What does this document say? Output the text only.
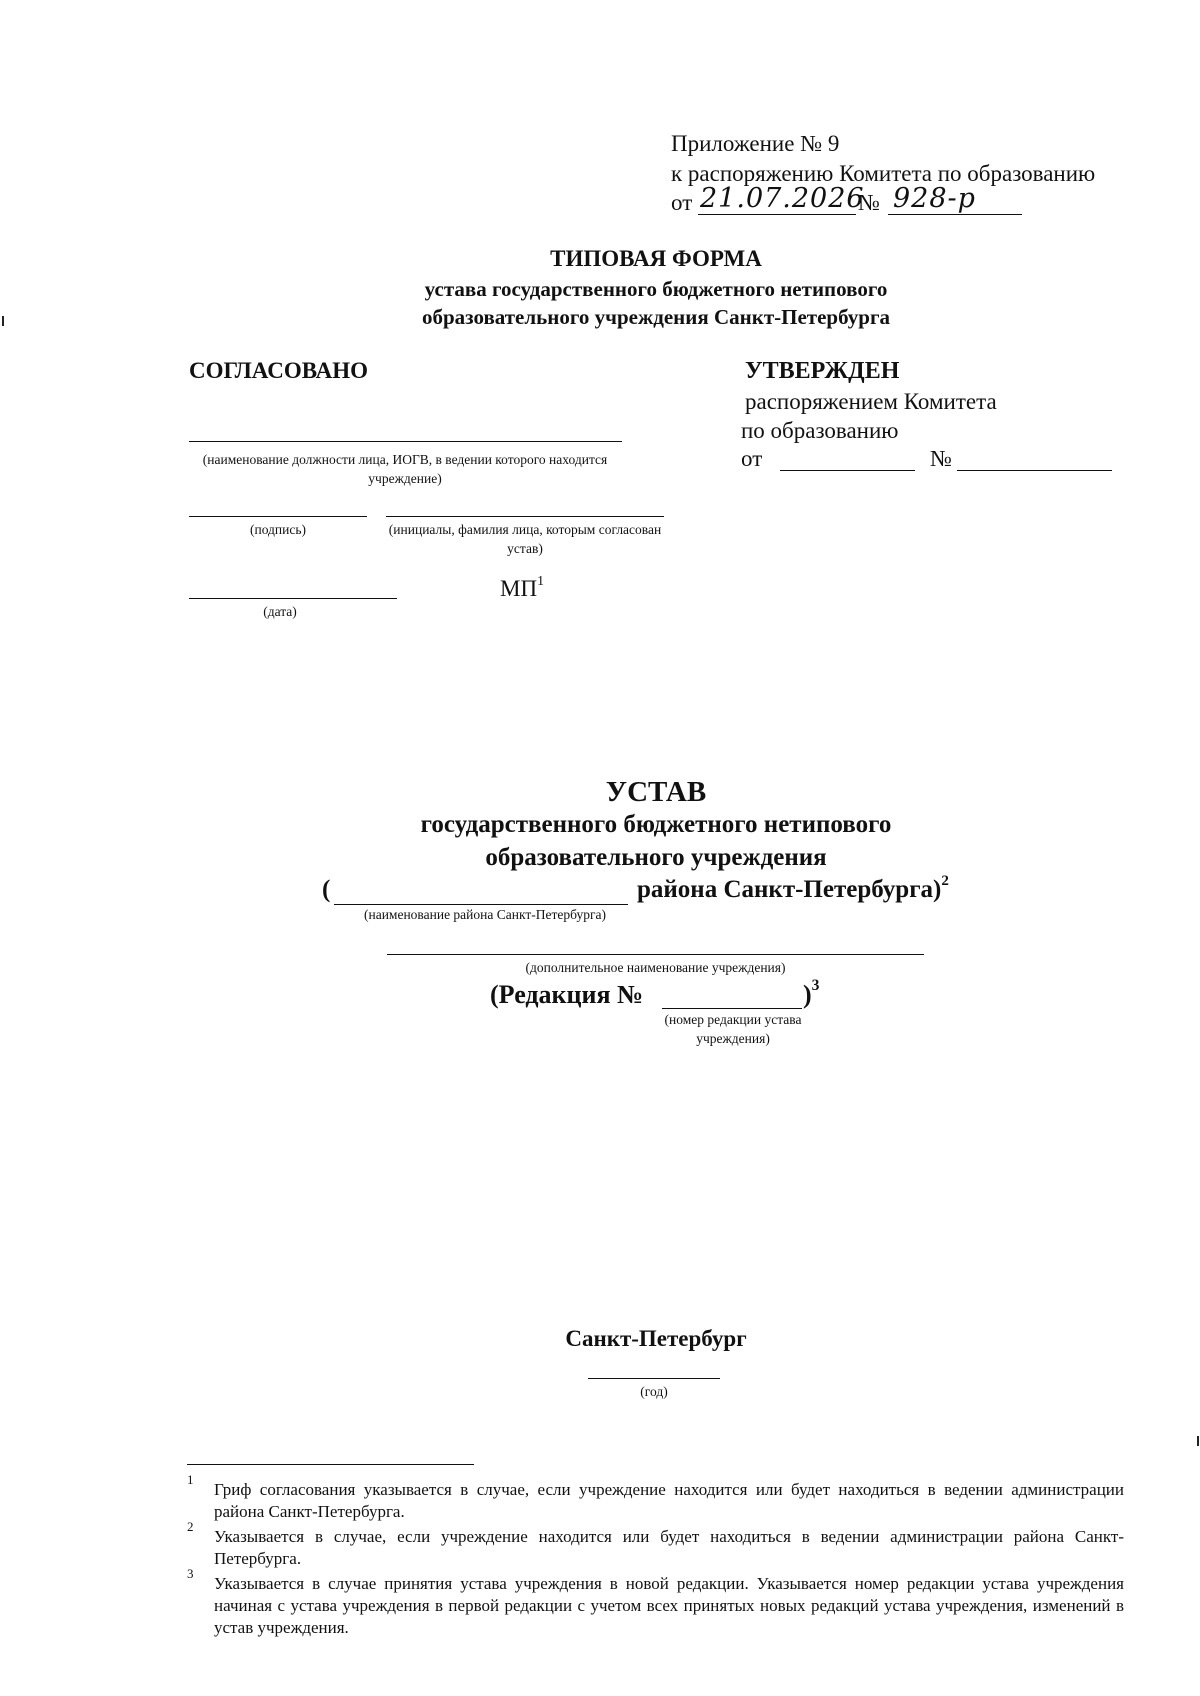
Приложение № 9
к распоряжению Комитета по образованию
от 21.07.2026
№ 928-р
ТИПОВАЯ ФОРМА
устава государственного бюджетного нетипового
образовательного учреждения Санкт-Петербурга
СОГЛАСОВАНО
(наименование должности лица, ИОГВ, в ведении которого находится учреждение)
(подпись)	(инициалы, фамилия лица, которым согласован устав)
$МП^1$
(дата)
УТВЕРЖДЕН
распоряжением Комитета
по образованию
от	№
УСТАВ
государственного бюджетного нетипового
образовательного учреждения
(	района Санкт-Петербурга)$^2$
(наименование района Санкт-Петербурга)
(дополнительное наименование учреждения)
(Редакция №	)$^3$
(номер редакции устава учреждения)
Санкт-Петербург
(год)
1
Гриф согласования указывается в случае, если учреждение находится или будет находиться в ведении администрации района Санкт-Петербурга.
2
Указывается в случае, если учреждение находится или будет находиться в ведении администрации района Санкт-Петербурга.
3
Указывается в случае принятия устава учреждения в новой редакции. Указывается номер редакции устава учреждения начиная с устава учреждения в первой редакции с учетом всех принятых новых редакций устава учреждения, изменений в устав учреждения.
